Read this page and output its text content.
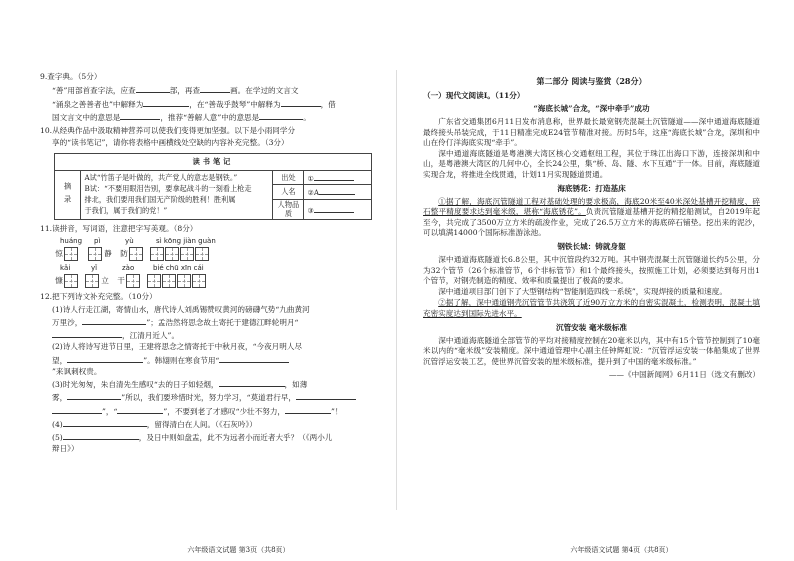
9.查字典。（5分）
“善”用部首查字法，应查	部，再查	画。在学过的文言文
“涌泉之善善者也”中解释为	，在“善哉乎鼓琴”中解释为	，借
国文言文中的意思是	，推荐“善解人意”中的意思是	。
10.从经典作品中汲取精神营养可以使我们变得更加坚强。以下是小雨同学分
享的“读书笔记”，请你将表格中画横线处空缺的内容补充完整。（3分）
读书笔记			
摘录	A试“竹笛子是叶做的，共产党人的意志是钢铁。”
B试：“不要用眼泪告别，要拿起战斗的一刻看上枪走
排北，我们要用我们国无产阶级的胜利！胜利属
于我们，属于我们的党！”	出处	①
		人名	②A
		人物品质	③
11.读拼音，写词语，注意把字写美观。（8分）
huáng
惊
pì
静
yù
防
sì kōng jiàn guàn
kǎi
慷
yǐ
立
zào
干
bié chū xīn cái
12.把下列诗文补充完整。（10分）
(1)诗人行走江湖，寄情山水，唐代诗人刘禹锡赞叹黄河的磅礴气势“九曲黄河
万里沙，	”；孟浩然将思念故土寄托于建德江畔轮明月“
，江清月近人”。
(2)诗人将诗写进节日里，王建将思念之情寄托于中秋月夜，“今夜月明人尽
望，	”。韩翃则在寒食节用“
”来讽刺权贵。
(3)时光匆匆，朱自清先生感叹“去的日子如轻烟，	，如薄
雾，	”所以，我们要珍惜时光，努力学习，“莫道君行早，
”，“	”，不要到老了才感叹“少壮不努力，	”！
(4)	，留得清白在人间。（《石灰吟》）
(5)	，及日中则如盘盂，此不为远者小而近者大乎？（《两小儿
辩日》）
六年级语文试题 第3页（共8页）
第二部分 阅读与鉴赏（28分）
（一）现代文阅读Ⅰ。（11分）
“海底长城”合龙，“深中牵手”成功

广东省交通集团6月11日发布消息称，世界最长最宽钢壳混凝土沉管隧道——深中通道海底隧道最终接头吊装完成，于11日精准完成E24管节精准对接。历时5年，这座“海底长城”合龙，深圳和中山在伶仃洋海底实现“牵手”。

深中通道海底隧道是粤港澳大湾区核心交通枢纽工程，其位于珠江出海口下游，连接深圳和中山，是粤港澳大湾区的几何中心，全长24公里，集“桥、岛、隧、水下互通”于一体。目前，海底隧道实现合龙，将推进全线贯通，计划11月实现隧道贯通。

海底锈花：打造基床

①据了解，海底沉管隧道工程对基础处理的要求极高，海底20米至40米深处基槽开挖精度、碎石整平精度要求达到毫米级，堪称“海底锈花”。负责沉管隧道基槽开挖的精挖船测试，自2019年起至今，共完成了3500万立方米的疏浚作业，完成了26.5万立方米的海底碎石铺垫。挖出来的泥沙，可以填满14000个国际标准游泳池。

钢铁长城：铸就身躯

深中通道海底隧道长6.8公里，其中沉管段约32万吨。其中钢壳混凝土沉管隧道长约5公里，分为32个管节（26个标准管节，6个非标管节）和1个最终接头，按照施工计划，必须要达到每月出1个管节，对钢壳制造的精度、效率和质量提出了极高的要求。

深中通道项目部门创下了大型钢结构“智能制造四线一系统”，实现焊接的质量和速度。

②据了解，深中通道钢壳沉管管节共浇筑了近90万立方米的自密实混凝土，检测表明，混凝土填充密实度达到国际先进水平。

沉管安装 毫米级标准

深中通道海底隧道全部管节的平均对接精度控制在20毫米以内，其中有15个管节控制到了10毫米以内的“毫米级”安装精度。深中通道管理中心副主任钟辉虹说：“沉管浮运安装一体船集成了世界沉管浮运安装工艺，使世界沉管安装的厘米级标准，提升到了中国的毫米级标准。”

——《中国新闻网》6月11日（选文有删改）
六年级语文试题 第4页（共8页）
